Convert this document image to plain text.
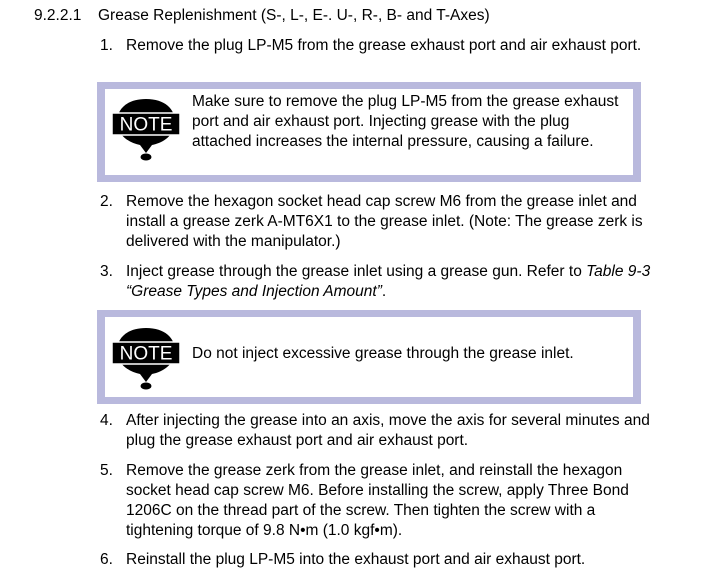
9.2.2.1 Grease Replenishment (S-, L-, E-. U-, R-, B- and T-Axes)
1. Remove the plug LP-M5 from the grease exhaust port and air exhaust port.
NOTE
Make sure to remove the plug LP-M5 from the grease exhaust port and air exhaust port. Injecting grease with the plug attached increases the internal pressure, causing a failure.
2. Remove the hexagon socket head cap screw M6 from the grease inlet and install a grease zerk A-MT6X1 to the grease inlet. (Note: The grease zerk is delivered with the manipulator.)
3. Inject grease through the grease inlet using a grease gun. Refer to Table 9-3 “Grease Types and Injection Amount”.
NOTE Do not inject excessive grease through the grease inlet.
4. After injecting the grease into an axis, move the axis for several minutes and plug the grease exhaust port and air exhaust port.
5. Remove the grease zerk from the grease inlet, and reinstall the hexagon socket head cap screw M6. Before installing the screw, apply Three Bond 1206C on the thread part of the screw. Then tighten the screw with a tightening torque of 9.8 N•m (1.0 kgf•m).
6. Reinstall the plug LP-M5 into the exhaust port and air exhaust port.
